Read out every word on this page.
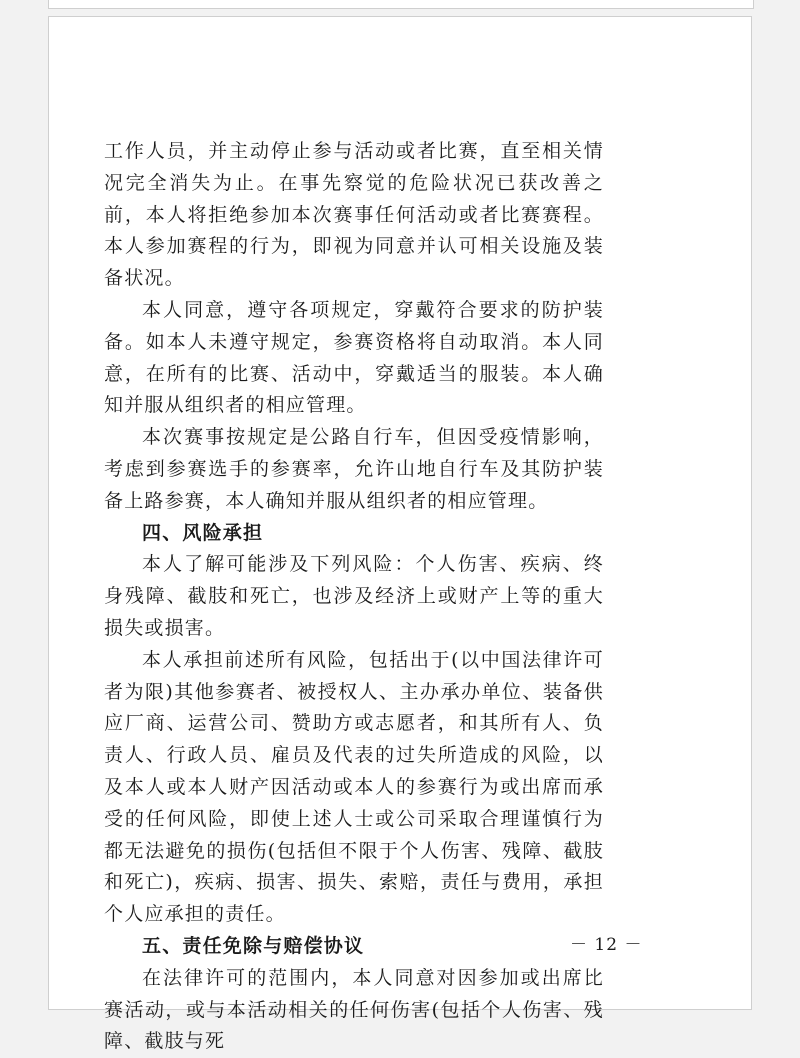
工作人员，并主动停止参与活动或者比赛，直至相关情况完全消失为止。在事先察觉的危险状况已获改善之前，本人将拒绝参加本次赛事任何活动或者比赛赛程。本人参加赛程的行为，即视为同意并认可相关设施及装备状况。

本人同意，遵守各项规定，穿戴符合要求的防护装备。如本人未遵守规定，参赛资格将自动取消。本人同意，在所有的比赛、活动中，穿戴适当的服装。本人确知并服从组织者的相应管理。

本次赛事按规定是公路自行车，但因受疫情影响，考虑到参赛选手的参赛率，允许山地自行车及其防护装备上路参赛，本人确知并服从组织者的相应管理。

四、风险承担

本人了解可能涉及下列风险：个人伤害、疾病、终身残障、截肢和死亡，也涉及经济上或财产上等的重大损失或损害。

本人承担前述所有风险，包括出于(以中国法律许可者为限)其他参赛者、被授权人、主办承办单位、装备供应厂商、运营公司、赞助方或志愿者，和其所有人、负责人、行政人员、雇员及代表的过失所造成的风险，以及本人或本人财产因活动或本人的参赛行为或出席而承受的任何风险，即使上述人士或公司采取合理谨慎行为都无法避免的损伤(包括但不限于个人伤害、残障、截肢和死亡)，疾病、损害、损失、索赔，责任与费用，承担个人应承担的责任。

五、责任免除与赔偿协议

在法律许可的范围内，本人同意对因参加或出席比赛活动，或与本活动相关的任何伤害(包括个人伤害、残障、截肢与死

－ 12 －
